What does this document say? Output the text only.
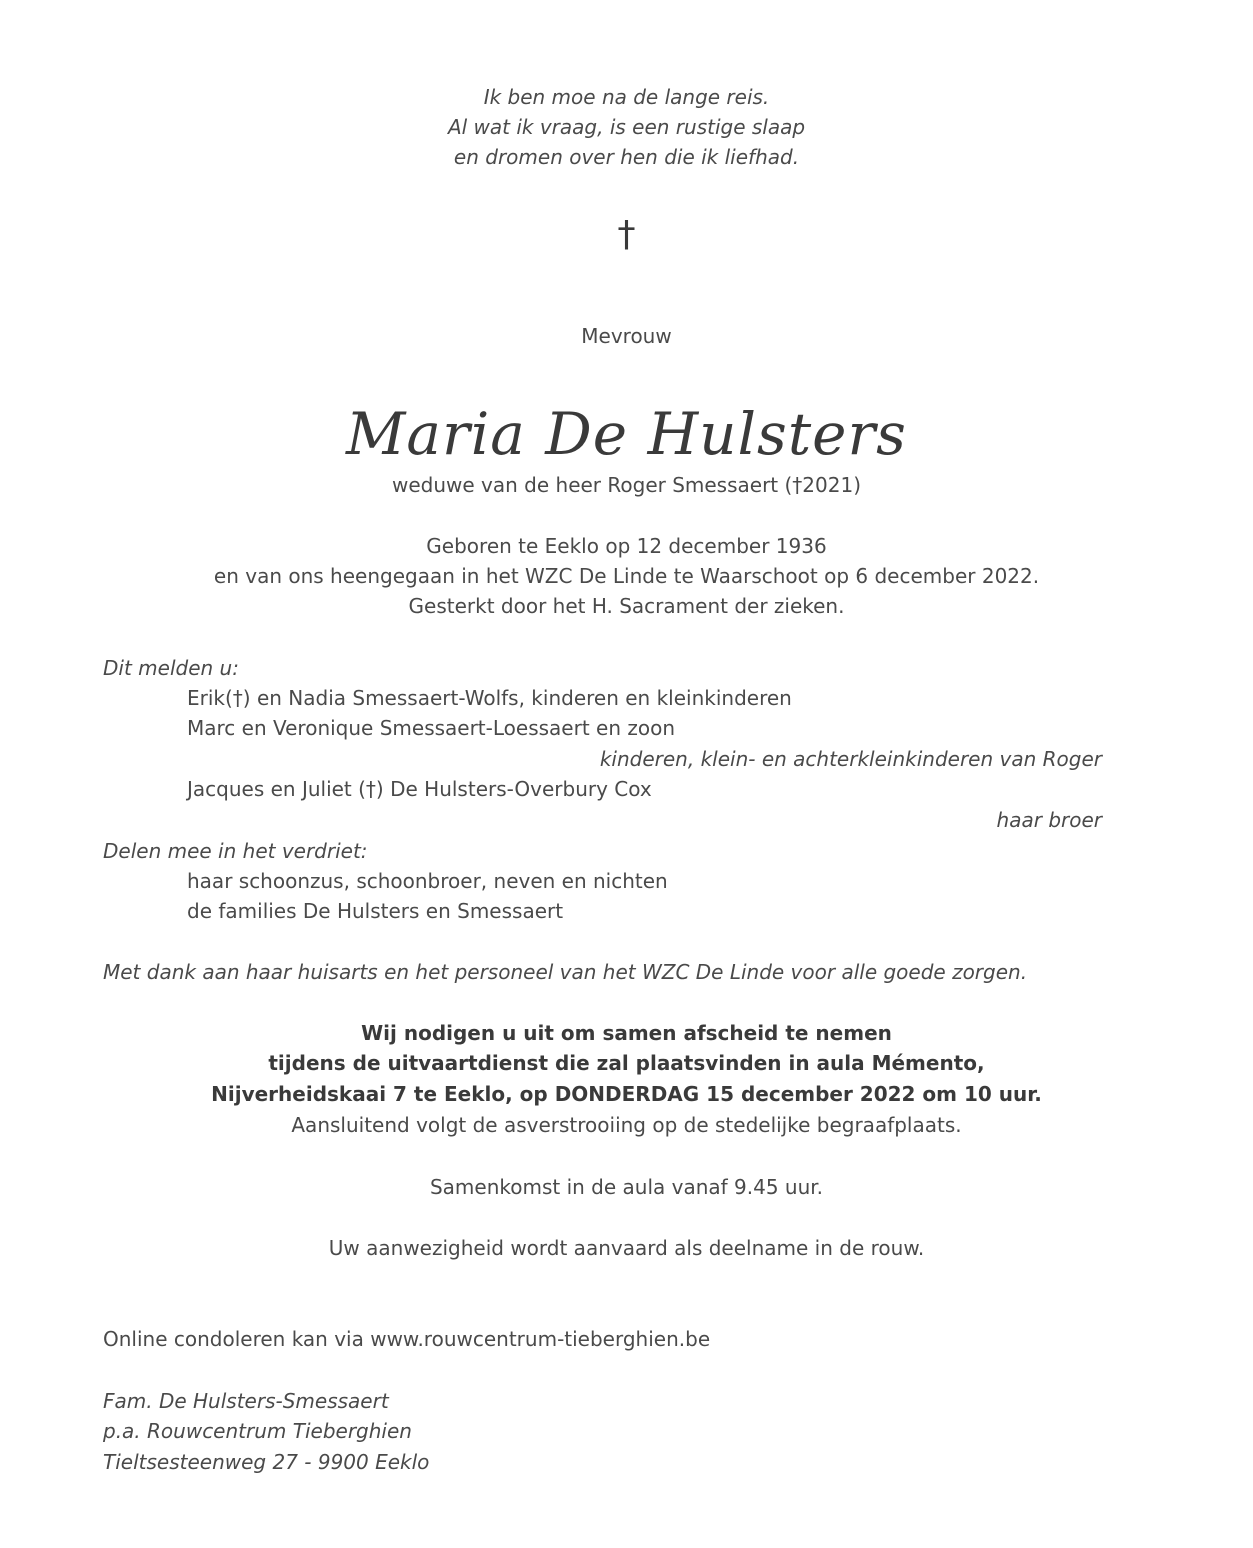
Ik ben moe na de lange reis.
Al wat ik vraag, is een rustige slaap
en dromen over hen die ik liefhad.
†
Mevrouw
Maria De Hulsters
weduwe van de heer Roger Smessaert (†2021)
Geboren te Eeklo op 12 december 1936
en van ons heengegaan in het WZC De Linde te Waarschoot op 6 december 2022.
Gesterkt door het H. Sacrament der zieken.
Dit melden u:
Erik(†) en Nadia Smessaert-Wolfs, kinderen en kleinkinderen
Marc en Veronique Smessaert-Loessaert en zoon
kinderen, klein- en achterkleinkinderen van Roger
Jacques en Juliet (†) De Hulsters-Overbury Cox
haar broer
Delen mee in het verdriet:
haar schoonzus, schoonbroer, neven en nichten
de families De Hulsters en Smessaert
Met dank aan haar huisarts en het personeel van het WZC De Linde voor alle goede zorgen.
Wij nodigen u uit om samen afscheid te nemen
tijdens de uitvaartdienst die zal plaatsvinden in aula Mémento,
Nijverheidskaai 7 te Eeklo, op DONDERDAG 15 december 2022 om 10 uur.
Aansluitend volgt de asverstrooiing op de stedelijke begraafplaats.
Samenkomst in de aula vanaf 9.45 uur.
Uw aanwezigheid wordt aanvaard als deelname in de rouw.
Online condoleren kan via www.rouwcentrum-tieberghien.be
Fam. De Hulsters-Smessaert
p.a. Rouwcentrum Tieberghien
Tieltsesteenweg 27 - 9900 Eeklo
